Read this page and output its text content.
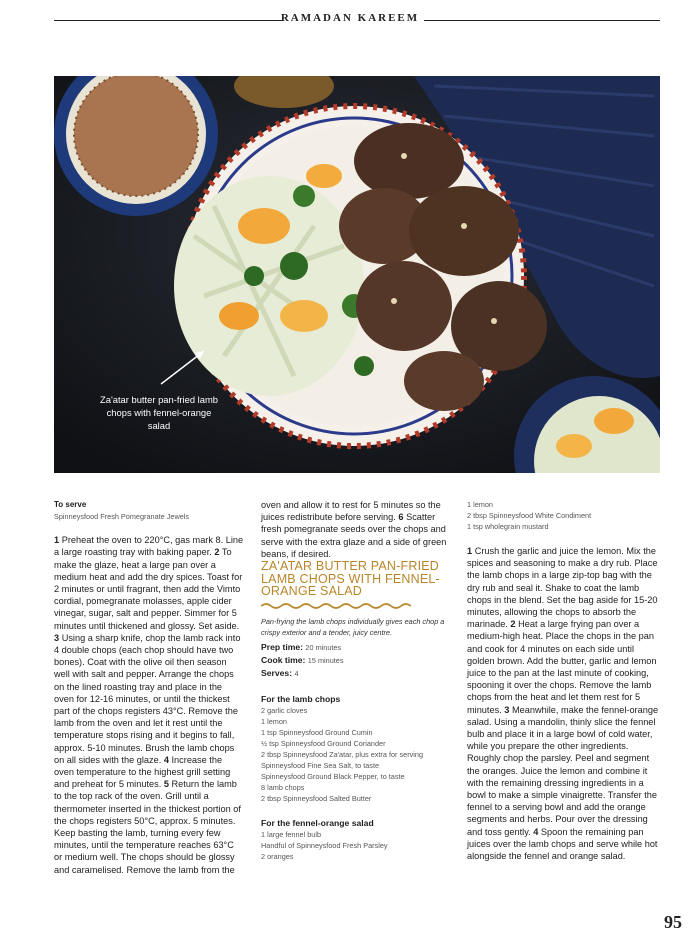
RAMADAN KAREEM
Za'atar butter pan-fried lamb chops with fennel-orange salad

To serve

Spinneysfood Fresh Pomegranate Jewels

1 Preheat the oven to 220°C, gas mark 8. Line a large roasting tray with baking paper. 2 To make the glaze, heat a large pan over a medium heat and add the dry spices. Toast for 2 minutes or until fragrant, then add the Vimto cordial, pomegranate molasses, apple cider vinegar, sugar, salt and pepper. Simmer for 5 minutes until thickened and glossy. Set aside. 3 Using a sharp knife, chop the lamb rack into 4 double chops (each chop should have two bones). Coat with the olive oil then season well with salt and pepper. Arrange the chops on the lined roasting tray and place in the oven for 12-16 minutes, or until the thickest part of the chops registers 43°C. Remove the lamb from the oven and let it rest until the temperature stops rising and it begins to fall, approx. 5-10 minutes. Brush the lamb chops on all sides with the glaze. 4 Increase the oven temperature to the highest grill setting and preheat for 5 minutes. 5 Return the lamb to the top rack of the oven. Grill until a thermometer inserted in the thickest portion of the chops registers 50°C, approx. 5 minutes. Keep basting the lamb, turning every few minutes, until the temperature reaches 63°C or medium well. The chops should be glossy and caramelised. Remove the lamb from the

oven and allow it to rest for 5 minutes so the juices redistribute before serving. 6 Scatter fresh pomegranate seeds over the chops and serve with the extra glaze and a side of green beans, if desired.

ZA'ATAR BUTTER PAN-FRIED LAMB CHOPS WITH FENNEL-ORANGE SALAD

Pan-frying the lamb chops individually gives each chop a crispy exterior and a tender, juicy centre.

Prep time: 20 minutes

Cook time: 15 minutes

Serves: 4

For the lamb chops

2 garlic cloves

1 lemon

1 tsp Spinneysfood Ground Cumin

½ tsp Spinneysfood Ground Coriander

2 tbsp Spinneysfood Za'atar, plus extra for serving

Spinneysfood Fine Sea Salt, to taste

Spinneysfood Ground Black Pepper, to taste

8 lamb chops

2 tbsp Spinneysfood Salted Butter

For the fennel-orange salad

1 large fennel bulb

Handful of Spinneysfood Fresh Parsley

2 oranges

1 lemon

2 tbsp Spinneysfood White Condiment

1 tsp wholegrain mustard

1 Crush the garlic and juice the lemon. Mix the spices and seasoning to make a dry rub. Place the lamb chops in a large zip-top bag with the dry rub and seal it. Shake to coat the lamb chops in the blend. Set the bag aside for 15-20 minutes, allowing the chops to absorb the marinade. 2 Heat a large frying pan over a medium-high heat. Place the chops in the pan and cook for 4 minutes on each side until golden brown. Add the butter, garlic and lemon juice to the pan at the last minute of cooking, spooning it over the chops. Remove the lamb chops from the heat and let them rest for 5 minutes. 3 Meanwhile, make the fennel-orange salad. Using a mandolin, thinly slice the fennel bulb and place it in a large bowl of cold water, while you prepare the other ingredients. Roughly chop the parsley. Peel and segment the oranges. Juice the lemon and combine it with the remaining dressing ingredients in a bowl to make a simple vinaigrette. Transfer the fennel to a serving bowl and add the orange segments and herbs. Pour over the dressing and toss gently. 4 Spoon the remaining pan juices over the lamb chops and serve while hot alongside the fennel and orange salad.

95
